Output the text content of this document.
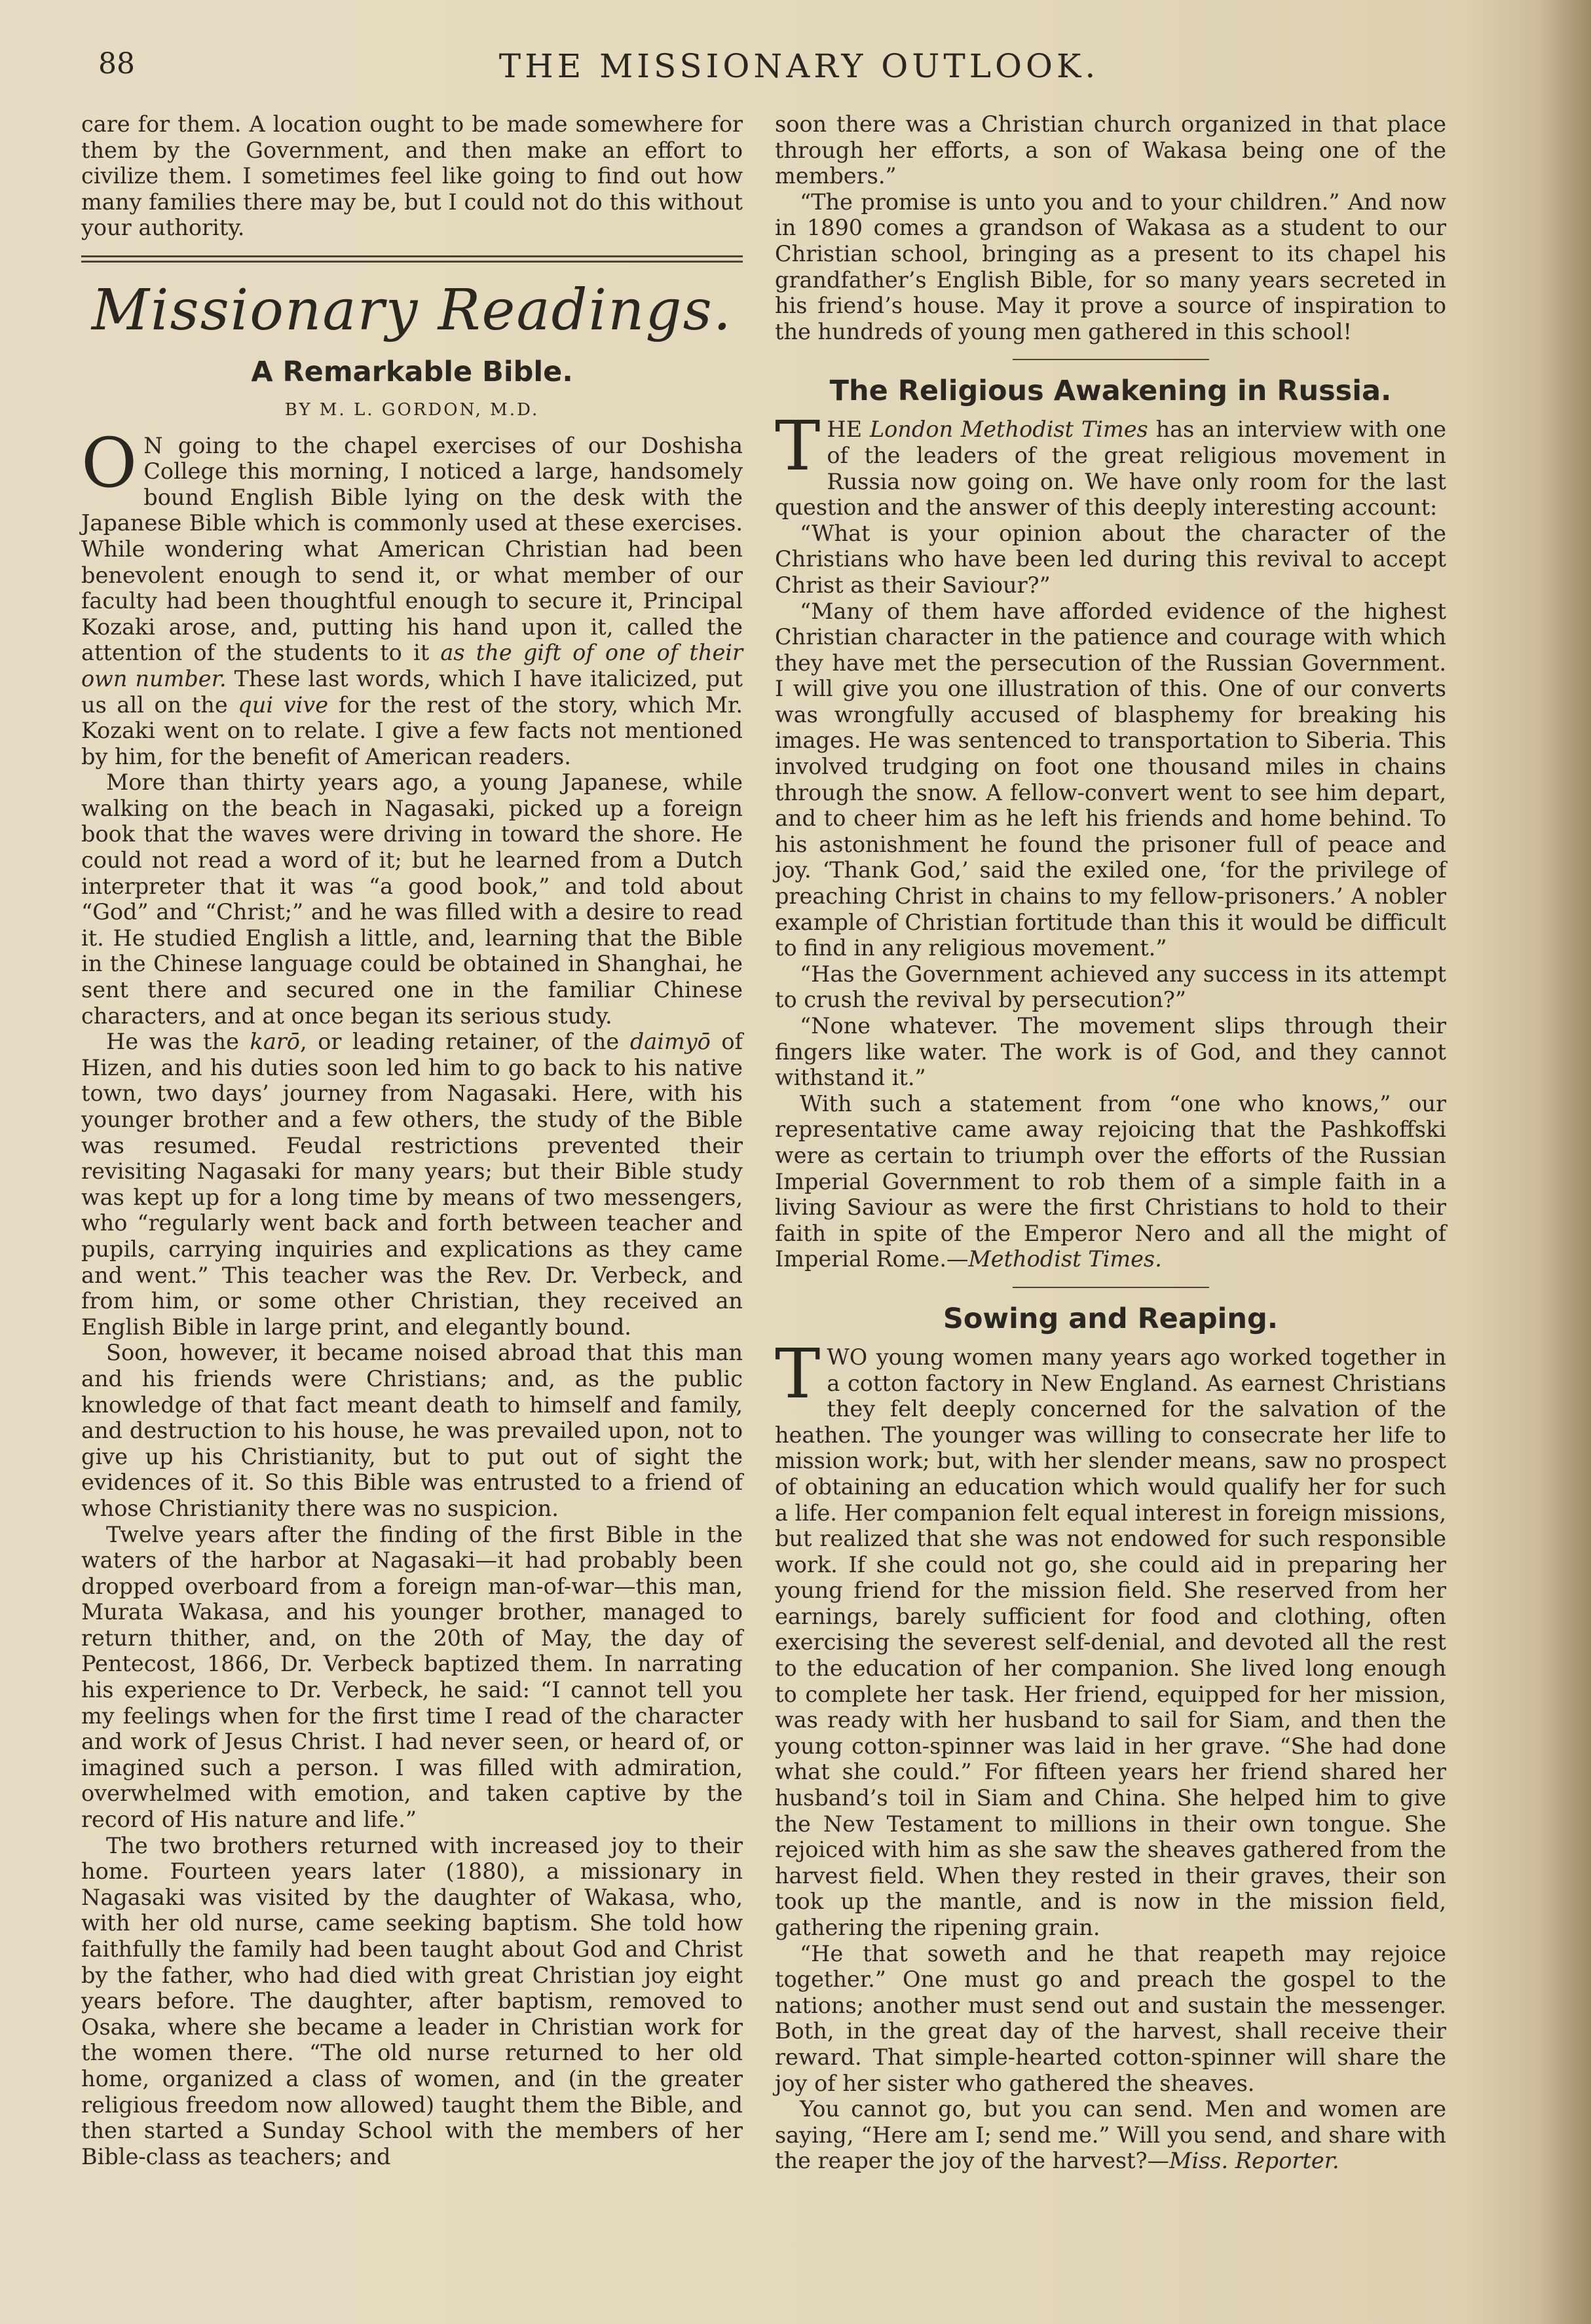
88	THE MISSIONARY OUTLOOK.

care for them. A location ought to be made somewhere for them by the Government, and then make an effort to civilize them. I sometimes feel like going to find out how many families there may be, but I could not do this without your authority.

Missionary Readings.
A Remarkable Bible.
BY M. L. GORDON, M.D.

O N going to the chapel exercises of our Doshisha College this morning, I noticed a large, handsomely bound English Bible lying on the desk with the Japanese Bible which is commonly used at these exercises. While wondering what American Christian had been benevolent enough to send it, or what member of our faculty had been thoughtful enough to secure it, Principal Kozaki arose, and, putting his hand upon it, called the attention of the students to it as the gift of one of their own number. These last words, which I have italicized, put us all on the qui vive for the rest of the story, which Mr. Kozaki went on to relate. I give a few facts not mentioned by him, for the benefit of American readers.

More than thirty years ago, a young Japanese, while walking on the beach in Nagasaki, picked up a foreign book that the waves were driving in toward the shore. He could not read a word of it; but he learned from a Dutch interpreter that it was “a good book,” and told about “God” and “Christ;” and he was filled with a desire to read it. He studied English a little, and, learning that the Bible in the Chinese language could be obtained in Shanghai, he sent there and secured one in the familiar Chinese characters, and at once began its serious study.

He was the karō, or leading retainer, of the daimyō of Hizen, and his duties soon led him to go back to his native town, two days’ journey from Nagasaki. Here, with his younger brother and a few others, the study of the Bible was resumed. Feudal restrictions prevented their revisiting Nagasaki for many years; but their Bible study was kept up for a long time by means of two messengers, who “regularly went back and forth between teacher and pupils, carrying inquiries and explications as they came and went.” This teacher was the Rev. Dr. Verbeck, and from him, or some other Christian, they received an English Bible in large print, and elegantly bound.

Soon, however, it became noised abroad that this man and his friends were Christians; and, as the public knowledge of that fact meant death to himself and family, and destruction to his house, he was prevailed upon, not to give up his Christianity, but to put out of sight the evidences of it. So this Bible was entrusted to a friend of whose Christianity there was no suspicion.

Twelve years after the finding of the first Bible in the waters of the harbor at Nagasaki—it had probably been dropped overboard from a foreign man-of-war—this man, Murata Wakasa, and his younger brother, managed to return thither, and, on the 20th of May, the day of Pentecost, 1866, Dr. Verbeck baptized them. In narrating his experience to Dr. Verbeck, he said: “I cannot tell you my feelings when for the first time I read of the character and work of Jesus Christ. I had never seen, or heard of, or imagined such a person. I was filled with admiration, overwhelmed with emotion, and taken captive by the record of His nature and life.”

The two brothers returned with increased joy to their home. Fourteen years later (1880), a missionary in Nagasaki was visited by the daughter of Wakasa, who, with her old nurse, came seeking baptism. She told how faithfully the family had been taught about God and Christ by the father, who had died with great Christian joy eight years before. The daughter, after baptism, removed to Osaka, where she became a leader in Christian work for the women there. “The old nurse returned to her old home, organized a class of women, and (in the greater religious freedom now allowed) taught them the Bible, and then started a Sunday School with the members of her Bible-class as teachers; and

soon there was a Christian church organized in that place through her efforts, a son of Wakasa being one of the members.”

“The promise is unto you and to your children.” And now in 1890 comes a grandson of Wakasa as a student to our Christian school, bringing as a present to its chapel his grandfather’s English Bible, for so many years secreted in his friend’s house. May it prove a source of inspiration to the hundreds of young men gathered in this school!

The Religious Awakening in Russia.

THE London Methodist Times has an interview with one of the leaders of the great religious movement in Russia now going on. We have only room for the last question and the answer of this deeply interesting account:

“What is your opinion about the character of the Christians who have been led during this revival to accept Christ as their Saviour?”

“Many of them have afforded evidence of the highest Christian character in the patience and courage with which they have met the persecution of the Russian Government. I will give you one illustration of this. One of our converts was wrongfully accused of blasphemy for breaking his images. He was sentenced to transportation to Siberia. This involved trudging on foot one thousand miles in chains through the snow. A fellow-convert went to see him depart, and to cheer him as he left his friends and home behind. To his astonishment he found the prisoner full of peace and joy. ‘Thank God,’ said the exiled one, ‘for the privilege of preaching Christ in chains to my fellow-prisoners.’ A nobler example of Christian fortitude than this it would be difficult to find in any religious movement.”

“Has the Government achieved any success in its attempt to crush the revival by persecution?”

“None whatever. The movement slips through their fingers like water. The work is of God, and they cannot withstand it.”

With such a statement from “one who knows,” our representative came away rejoicing that the Pashkoffski were as certain to triumph over the efforts of the Russian Imperial Government to rob them of a simple faith in a living Saviour as were the first Christians to hold to their faith in spite of the Emperor Nero and all the might of Imperial Rome.—Methodist Times.

Sowing and Reaping.

TWO young women many years ago worked together in a cotton factory in New England. As earnest Christians they felt deeply concerned for the salvation of the heathen. The younger was willing to consecrate her life to mission work; but, with her slender means, saw no prospect of obtaining an education which would qualify her for such a life. Her companion felt equal interest in foreign missions, but realized that she was not endowed for such responsible work. If she could not go, she could aid in preparing her young friend for the mission field. She reserved from her earnings, barely sufficient for food and clothing, often exercising the severest self-denial, and devoted all the rest to the education of her companion. She lived long enough to complete her task. Her friend, equipped for her mission, was ready with her husband to sail for Siam, and then the young cotton-spinner was laid in her grave. “She had done what she could.” For fifteen years her friend shared her husband’s toil in Siam and China. She helped him to give the New Testament to millions in their own tongue. She rejoiced with him as she saw the sheaves gathered from the harvest field. When they rested in their graves, their son took up the mantle, and is now in the mission field, gathering the ripening grain.

“He that soweth and he that reapeth may rejoice together.” One must go and preach the gospel to the nations; another must send out and sustain the messenger. Both, in the great day of the harvest, shall receive their reward. That simple-hearted cotton-spinner will share the joy of her sister who gathered the sheaves.

You cannot go, but you can send. Men and women are saying, “Here am I; send me.” Will you send, and share with the reaper the joy of the harvest?—Miss. Reporter.
